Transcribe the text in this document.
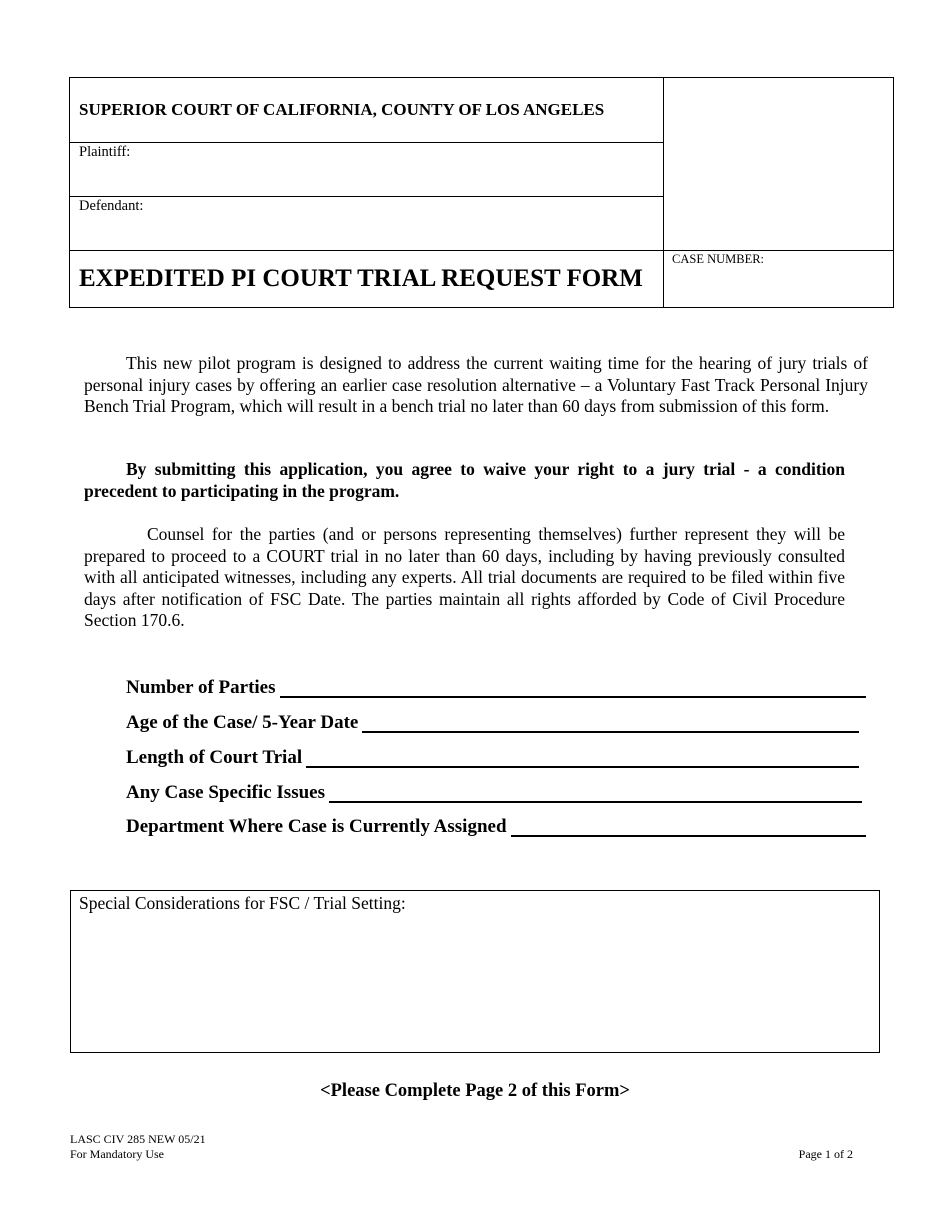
SUPERIOR COURT OF CALIFORNIA, COUNTY OF LOS ANGELES
Plaintiff:
Defendant:
EXPEDITED PI COURT TRIAL REQUEST FORM
CASE NUMBER:

This new pilot program is designed to address the current waiting time for the hearing of jury trials of personal injury cases by offering an earlier case resolution alternative – a Voluntary Fast Track Personal Injury Bench Trial Program, which will result in a bench trial no later than 60 days from submission of this form.

By submitting this application, you agree to waive your right to a jury trial - a condition precedent to participating in the program.

Counsel for the parties (and or persons representing themselves) further represent they will be prepared to proceed to a COURT trial in no later than 60 days, including by having previously consulted with all anticipated witnesses, including any experts. All trial documents are required to be filed within five days after notification of FSC Date. The parties maintain all rights afforded by Code of Civil Procedure Section 170.6.

Number of Parties
Age of the Case/ 5-Year Date
Length of Court Trial
Any Case Specific Issues
Department Where Case is Currently Assigned
Special Considerations for FSC / Trial Setting:
<Please Complete Page 2 of this Form>
LASC CIV 285 NEW 05/21
For Mandatory Use	Page 1 of 2
